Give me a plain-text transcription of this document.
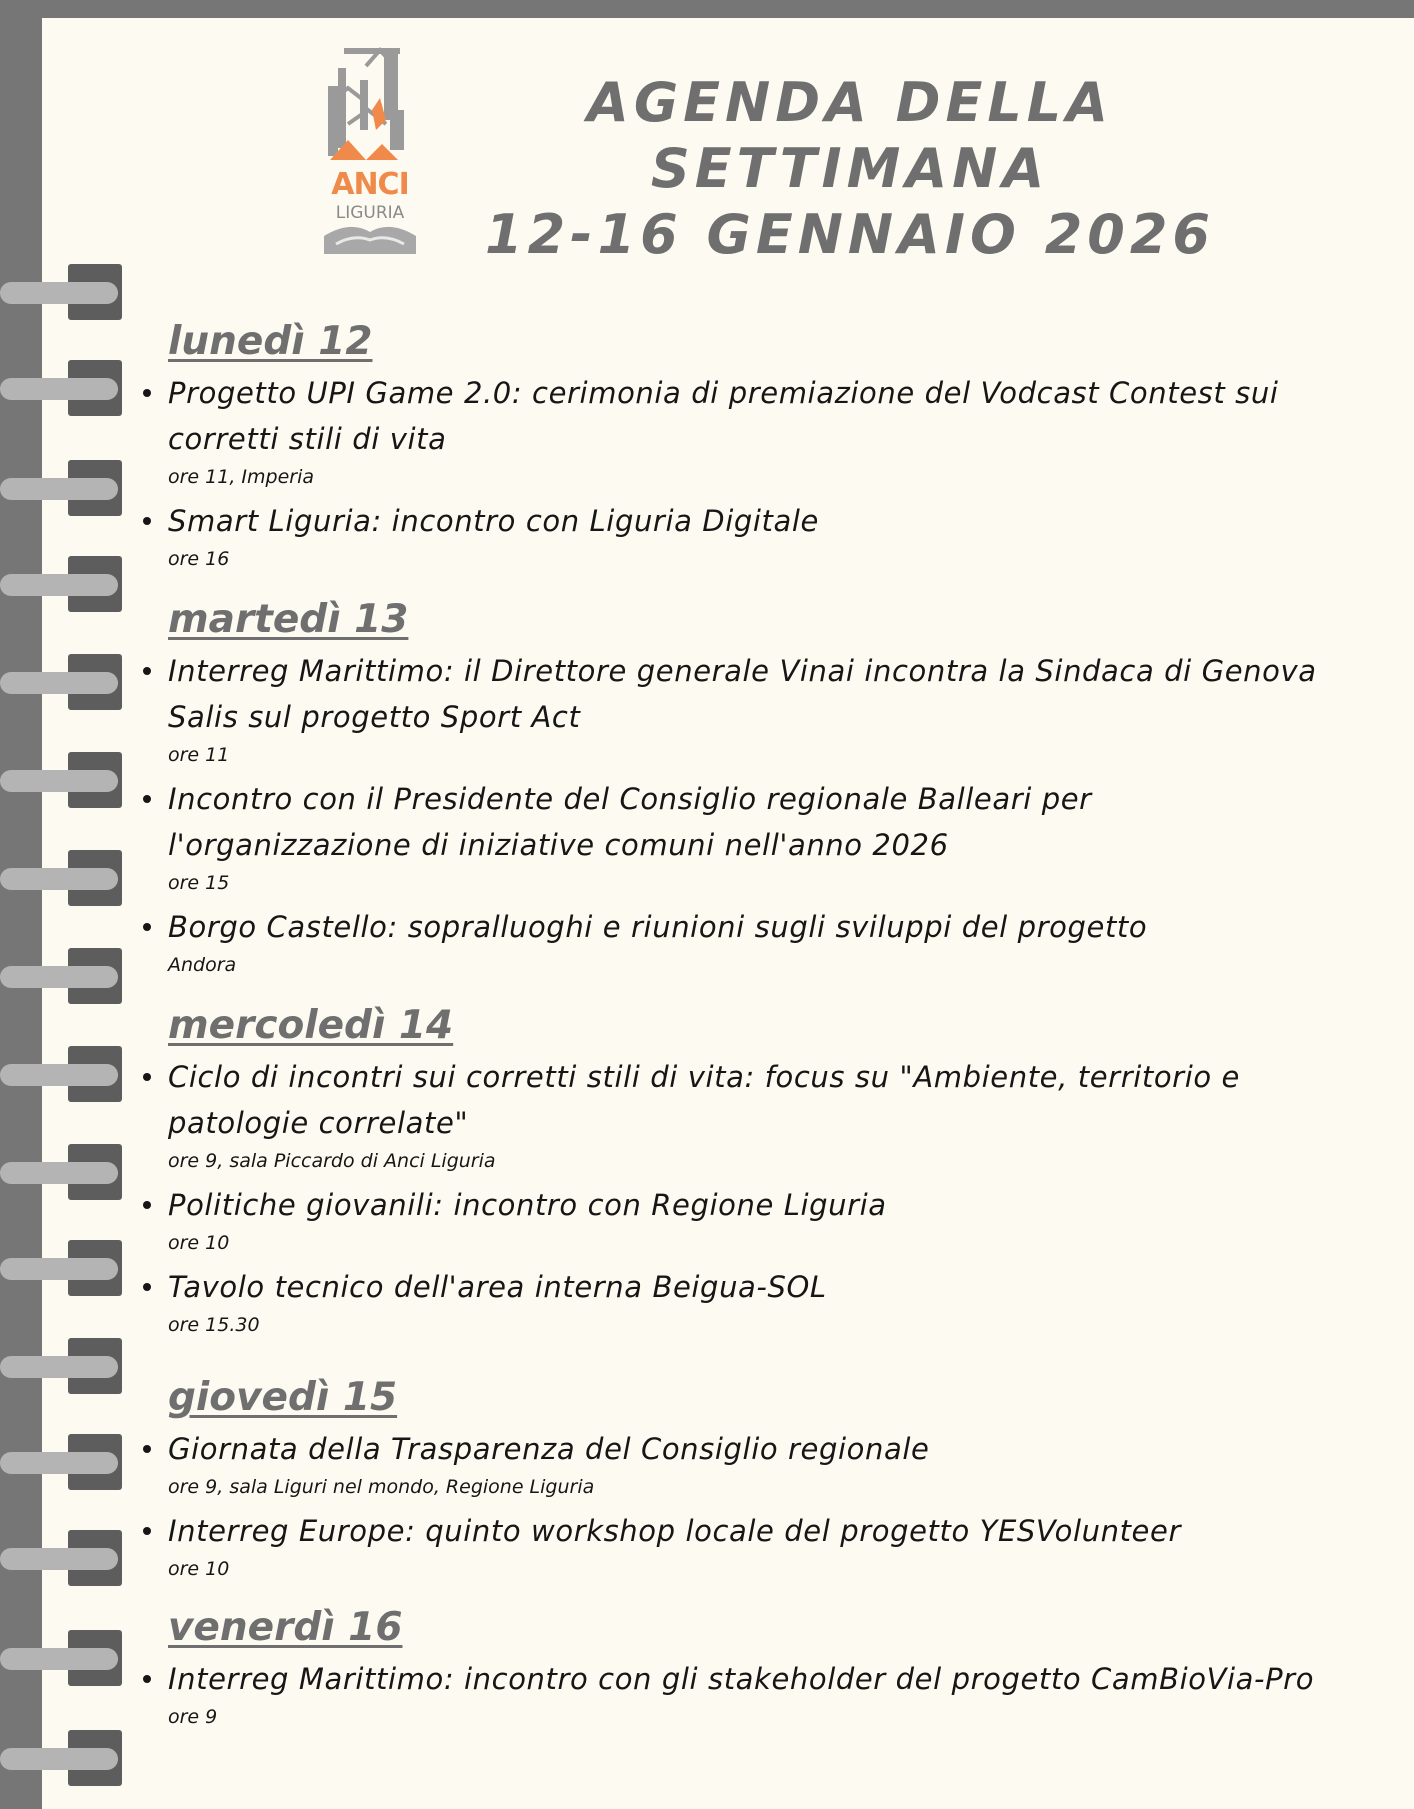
ANCI
LIGURIA
AGENDA DELLA SETTIMANA
12-16 GENNAIO 2026
lunedì 12
Progetto UPI Game 2.0: cerimonia di premiazione del Vodcast Contest sui corretti stili di vita
ore 11, Imperia
Smart Liguria: incontro con Liguria Digitale
ore 16
martedì 13
Interreg Marittimo: il Direttore generale Vinai incontra la Sindaca di Genova Salis sul progetto Sport Act
ore 11
Incontro con il Presidente del Consiglio regionale Balleari per l'organizzazione di iniziative comuni nell'anno 2026
ore 15
Borgo Castello: sopralluoghi e riunioni sugli sviluppi del progetto
Andora
mercoledì 14
Ciclo di incontri sui corretti stili di vita: focus su "Ambiente, territorio e patologie correlate"
ore 9, sala Piccardo di Anci Liguria
Politiche giovanili: incontro con Regione Liguria
ore 10
Tavolo tecnico dell'area interna Beigua-SOL
ore 15.30
giovedì 15
Giornata della Trasparenza del Consiglio regionale
ore 9, sala Liguri nel mondo, Regione Liguria
Interreg Europe: quinto workshop locale del progetto YESVolunteer
ore 10
venerdì 16
Interreg Marittimo: incontro con gli stakeholder del progetto CamBioVia-Pro
ore 9
